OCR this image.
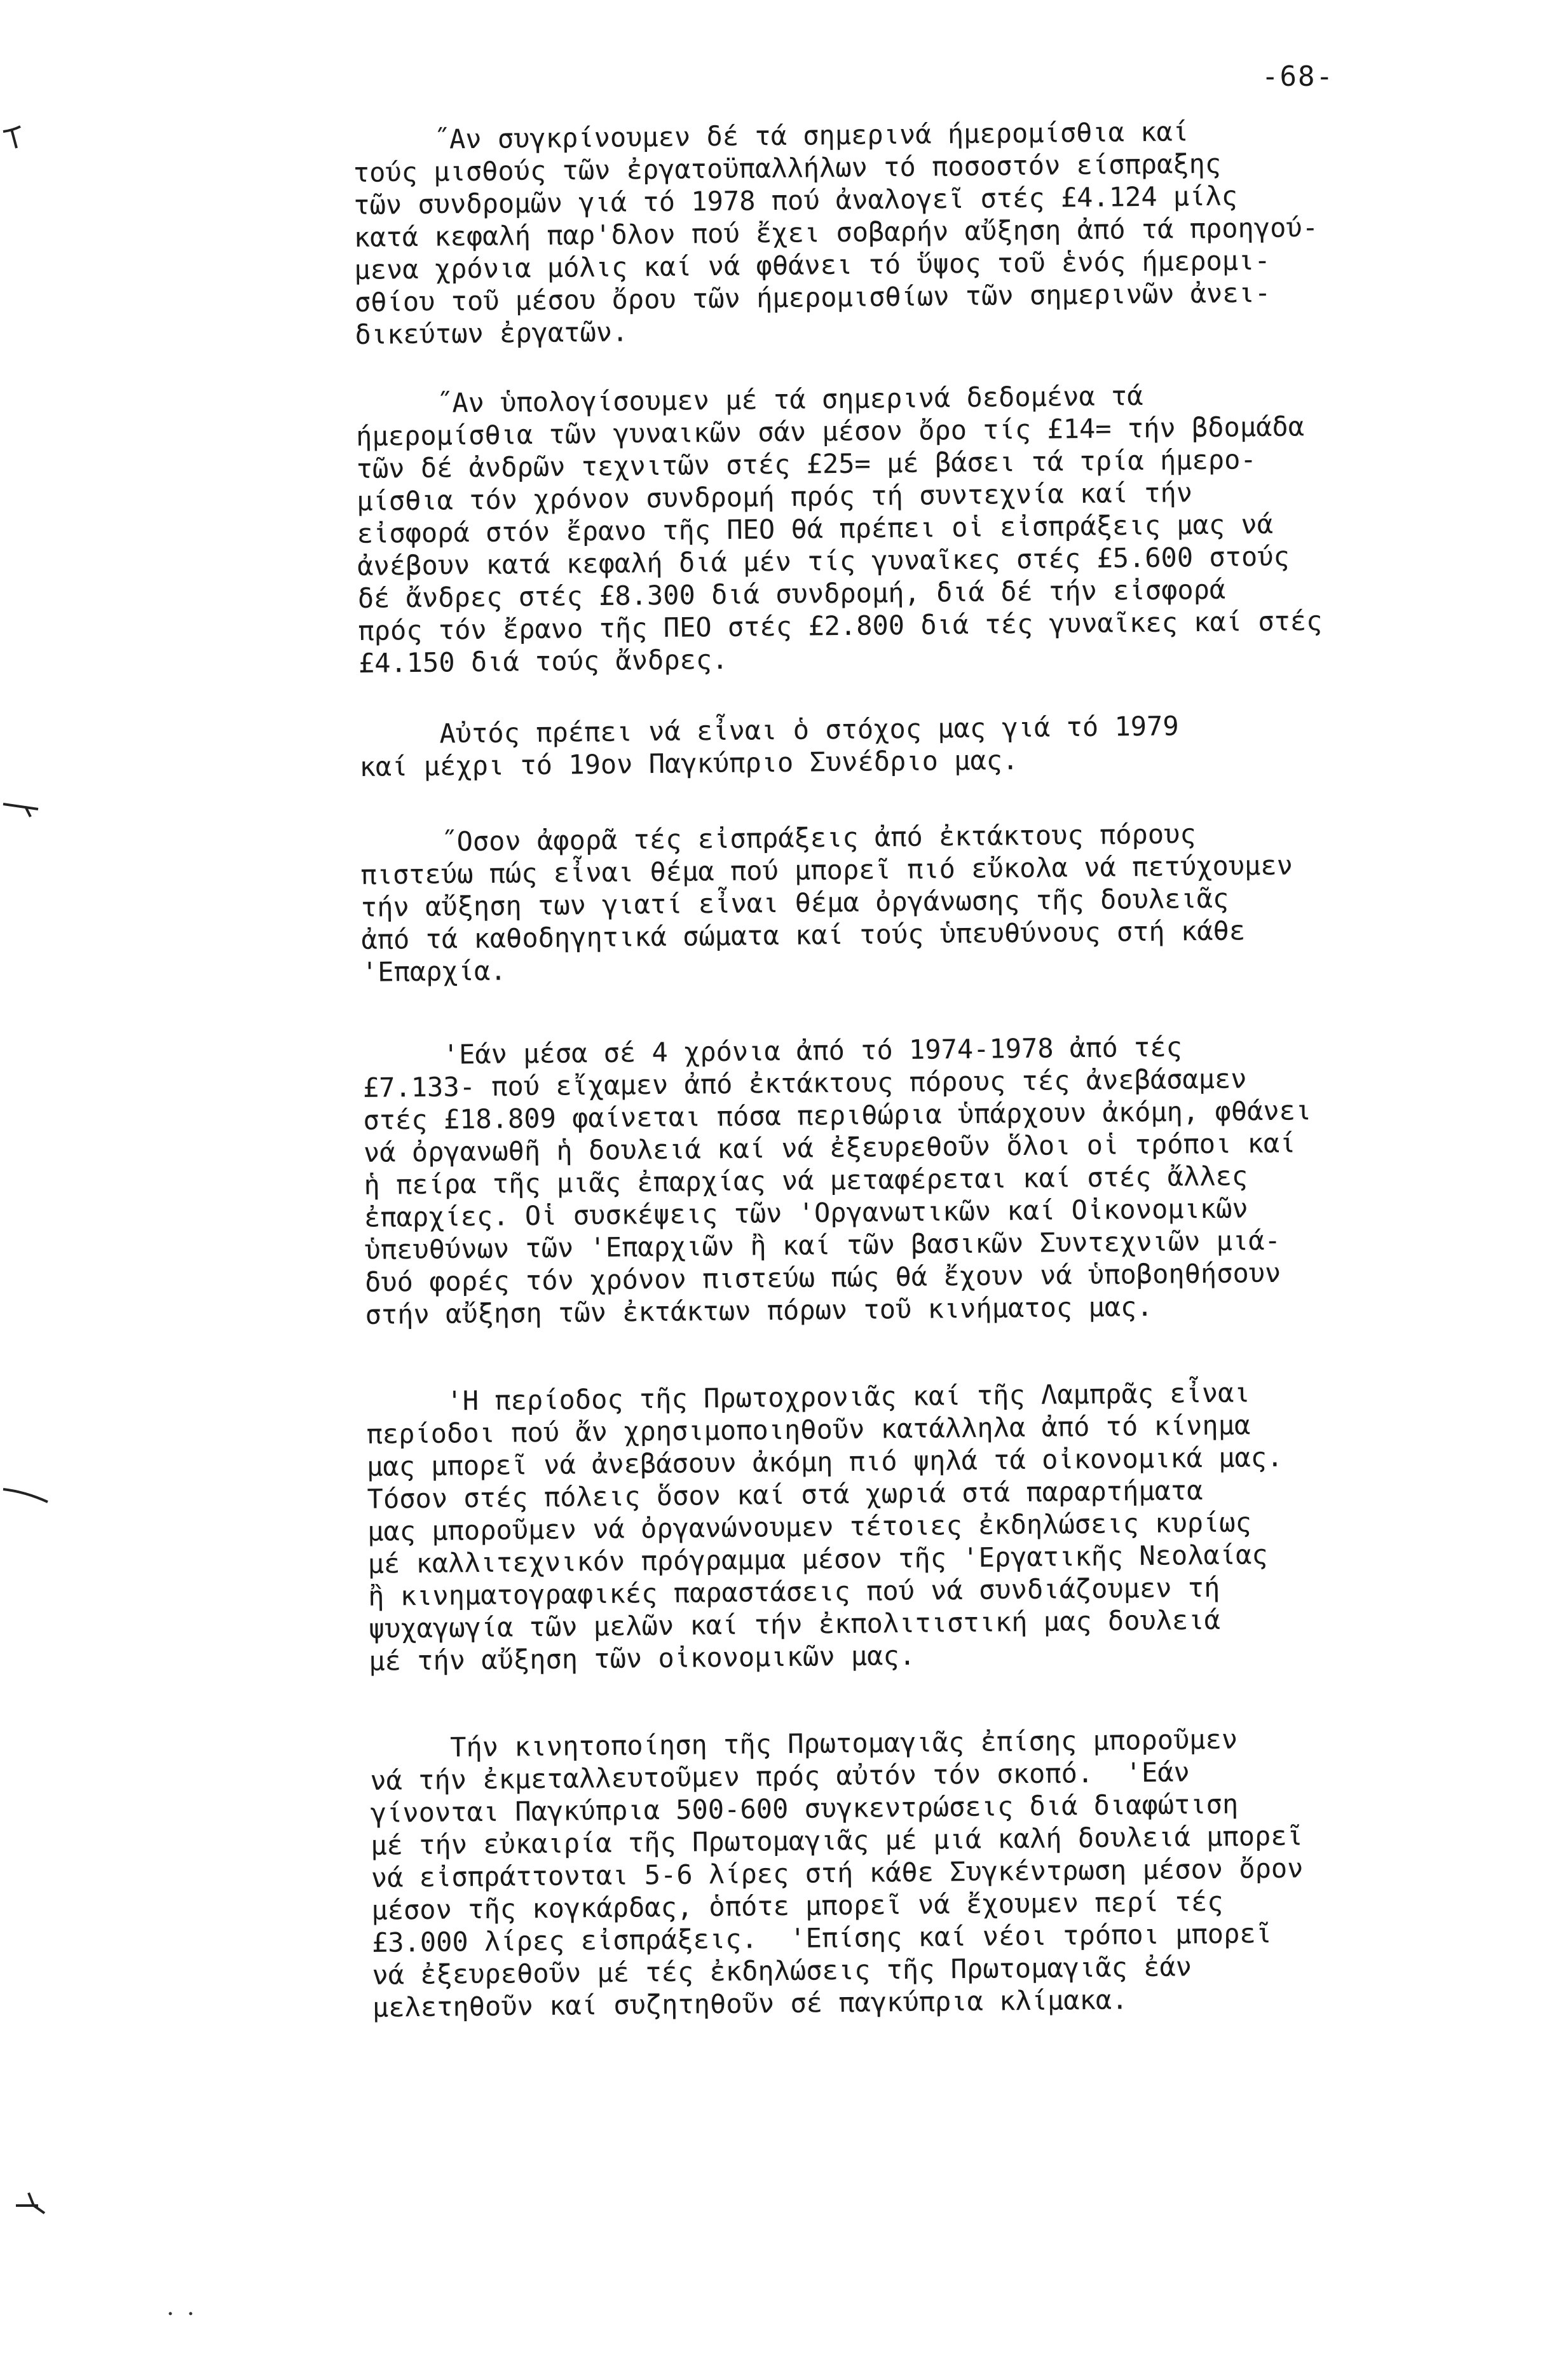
-68-
˝Αν συγκρίνουμεν δέ τά σημερινά ήμερομίσθια καί
τούς μισθούς τῶν ἐργατοϋπαλλήλων τό ποσοστόν είσπραξης
τῶν συνδρομῶν γιά τό 1978 πού ἀναλογεῖ στές £4.124 μίλς
κατά κεφαλή παρ'δλον πού ἔχει σοβαρήν αὔξηση ἀπό τά προηγού-
μενα χρόνια μόλις καί νά φθάνει τό ὕψος τοῦ ἑνός ήμερομι-
σθίου τοῦ μέσου ὄρου τῶν ήμερομισθίων τῶν σημερινῶν ἀνει-
δικεύτων ἐργατῶν.
˝Αν ὑπολογίσουμεν μέ τά σημερινά δεδομένα τά
ήμερομίσθια τῶν γυναικῶν σάν μέσον ὄρο τίς £14= τήν βδομάδα
τῶν δέ ἀνδρῶν τεχνιτῶν στές £25= μέ βάσει τά τρία ήμερο-
μίσθια τόν χρόνον συνδρομή πρός τή συντεχνία καί τήν
εἰσφορά στόν ἔρανο τῆς ΠΕΟ θά πρέπει οἱ εἰσπράξεις μας νά
ἀνέβουν κατά κεφαλή διά μέν τίς γυναῖκες στές £5.600 στούς
δέ ἄνδρες στές £8.300 διά συνδρομή, διά δέ τήν εἰσφορά
πρός τόν ἔρανο τῆς ΠΕΟ στές £2.800 διά τές γυναῖκες καί στές
£4.150 διά τούς ἄνδρες.
Αὐτός πρέπει νά εἶναι ὁ στόχος μας γιά τό 1979
καί μέχρι τό 19ον Παγκύπριο Συνέδριο μας.
˝Οσον ἀφορᾶ τές εἰσπράξεις ἀπό ἐκτάκτους πόρους
πιστεύω πώς εἶναι θέμα πού μπορεῖ πιό εὔκολα νά πετύχουμεν
τήν αὔξηση των γιατί εἶναι θέμα ὀργάνωσης τῆς δουλειᾶς
ἀπό τά καθοδηγητικά σώματα καί τούς ὑπευθύνους στή κάθε
'Επαρχία.
'Εάν μέσα σέ 4 χρόνια ἀπό τό 1974-1978 ἀπό τές
£7.133- πού εἴχαμεν ἀπό ἐκτάκτους πόρους τές ἀνεβάσαμεν
στές £18.809 φαίνεται πόσα περιθώρια ὑπάρχουν ἀκόμη, φθάνει
νά ὀργανωθῆ ἡ δουλειά καί νά ἐξευρεθοῦν ὅλοι οἱ τρόποι καί
ἡ πείρα τῆς μιᾶς ἐπαρχίας νά μεταφέρεται καί στές ἄλλες
ἐπαρχίες. Οἱ συσκέψεις τῶν 'Οργανωτικῶν καί Οἰκονομικῶν
ὑπευθύνων τῶν 'Επαρχιῶν ἢ καί τῶν βασικῶν Συντεχνιῶν μιά-
δυό φορές τόν χρόνον πιστεύω πώς θά ἔχουν νά ὑποβοηθήσουν
στήν αὔξηση τῶν ἐκτάκτων πόρων τοῦ κινήματος μας.
'Η περίοδος τῆς Πρωτοχρονιᾶς καί τῆς Λαμπρᾶς εἶναι
περίοδοι πού ἄν χρησιμοποιηθοῦν κατάλληλα ἀπό τό κίνημα
μας μπορεῖ νά ἀνεβάσουν ἀκόμη πιό ψηλά τά οἰκονομικά μας.
Τόσον στές πόλεις ὅσον καί στά χωριά στά παραρτήματα
μας μποροῦμεν νά ὀργανώνουμεν τέτοιες ἐκδηλώσεις κυρίως
μέ καλλιτεχνικόν πρόγραμμα μέσον τῆς 'Εργατικῆς Νεολαίας
ἢ κινηματογραφικές παραστάσεις πού νά συνδιάζουμεν τή
ψυχαγωγία τῶν μελῶν καί τήν ἐκπολιτιστική μας δουλειά
μέ τήν αὔξηση τῶν οἰκονομικῶν μας.
Τήν κινητοποίηση τῆς Πρωτομαγιᾶς ἐπίσης μποροῦμεν
νά τήν ἐκμεταλλευτοῦμεν πρός αὐτόν τόν σκοπό.  'Εάν
γίνονται Παγκύπρια 500-600 συγκεντρώσεις διά διαφώτιση
μέ τήν εὐκαιρία τῆς Πρωτομαγιᾶς μέ μιά καλή δουλειά μπορεῖ
νά εἰσπράττονται 5-6 λίρες στή κάθε Συγκέντρωση μέσον ὄρον
μέσον τῆς κογκάρδας, ὁπότε μπορεῖ νά ἔχουμεν περί τές
£3.000 λίρες εἰσπράξεις.  'Επίσης καί νέοι τρόποι μπορεῖ
νά ἐξευρεθοῦν μέ τές ἐκδηλώσεις τῆς Πρωτομαγιᾶς ἐάν
μελετηθοῦν καί συζητηθοῦν σέ παγκύπρια κλίμακα.
